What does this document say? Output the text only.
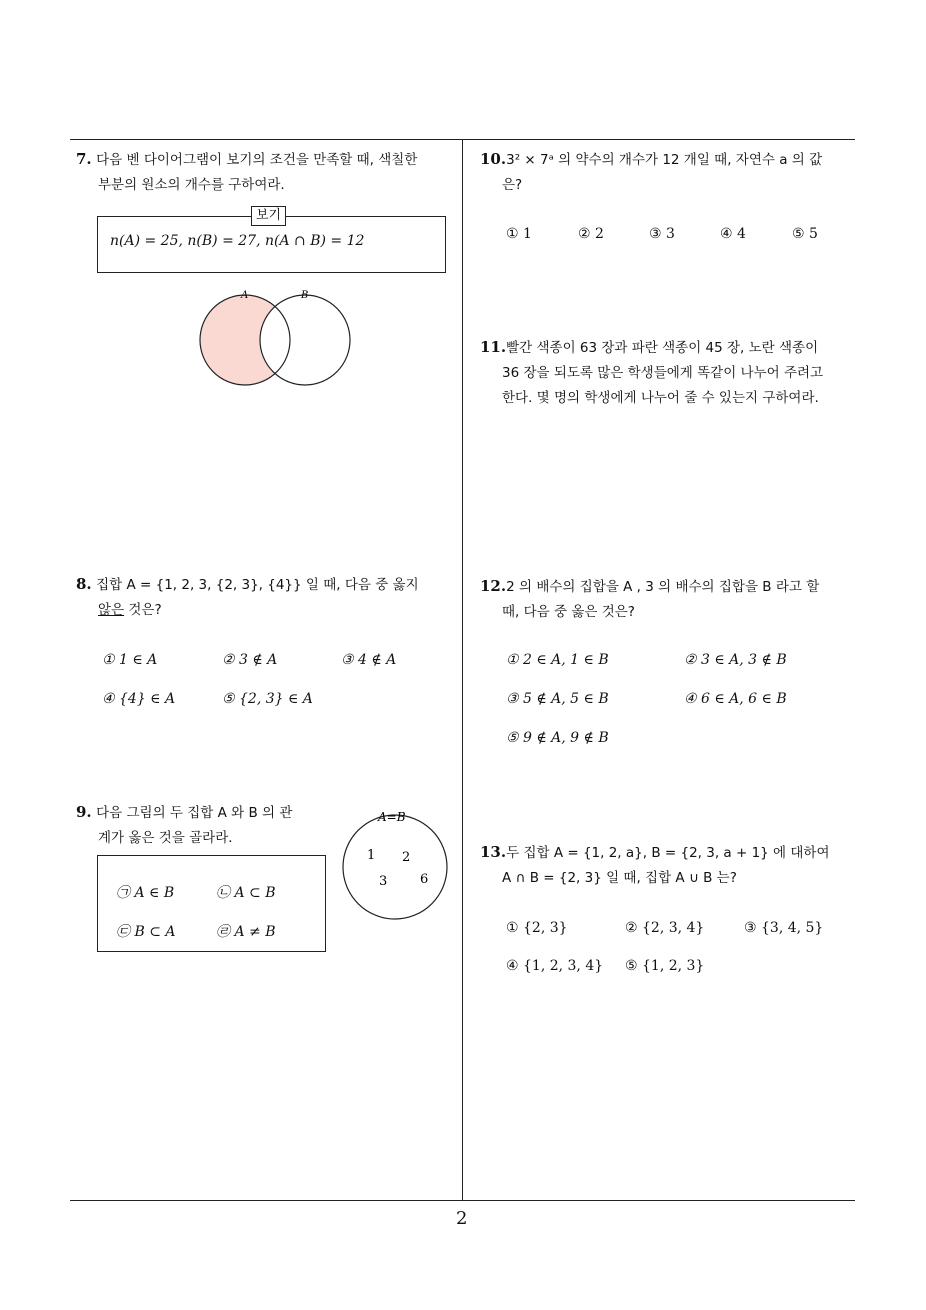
7. 다음 벤 다이어그램이 보기의 조건을 만족할 때, 색칠한
부분의 원소의 개수를 구하여라.
n(A) = 25, n(B) = 27, n(A ∩ B) = 12
보기
A	B
8. 집합 A = {1, 2, 3, {2, 3}, {4}} 일 때, 다음 중 옳지
않은 것은?
① 1 ∈ A	② 3 ∉ A	③ 4 ∉ A
④ {4} ∈ A	⑤ {2, 3} ∈ A
9. 다음 그림의 두 집합 A 와 B 의 관
계가 옳은 것을 골라라.
㉠ A ∈ B	㉡ A ⊂ B
㉢ B ⊂ A	㉣ A ≠ B
A=B
1 2
3	6
10.3² × 7ᵃ 의 약수의 개수가 12 개일 때, 자연수 a 의 값
은?
① 1	② 2	③ 3	④ 4	⑤ 5
11.빨간 색종이 63 장과 파란 색종이 45 장, 노란 색종이
36 장을 되도록 많은 학생들에게 똑같이 나누어 주려고
한다. 몇 명의 학생에게 나누어 줄 수 있는지 구하여라.
12.2 의 배수의 집합을 A , 3 의 배수의 집합을 B 라고 할
때, 다음 중 옳은 것은?
① 2 ∈ A, 1 ∈ B	② 3 ∈ A, 3 ∉ B
③ 5 ∉ A, 5 ∈ B	④ 6 ∈ A, 6 ∈ B
⑤ 9 ∉ A, 9 ∉ B
13.두 집합 A = {1, 2, a}, B = {2, 3, a + 1} 에 대하여
A ∩ B = {2, 3} 일 때, 집합 A ∪ B 는?
① {2, 3}	② {2, 3, 4}	③ {3, 4, 5}
④ {1, 2, 3, 4} ⑤ {1, 2, 3}
2
